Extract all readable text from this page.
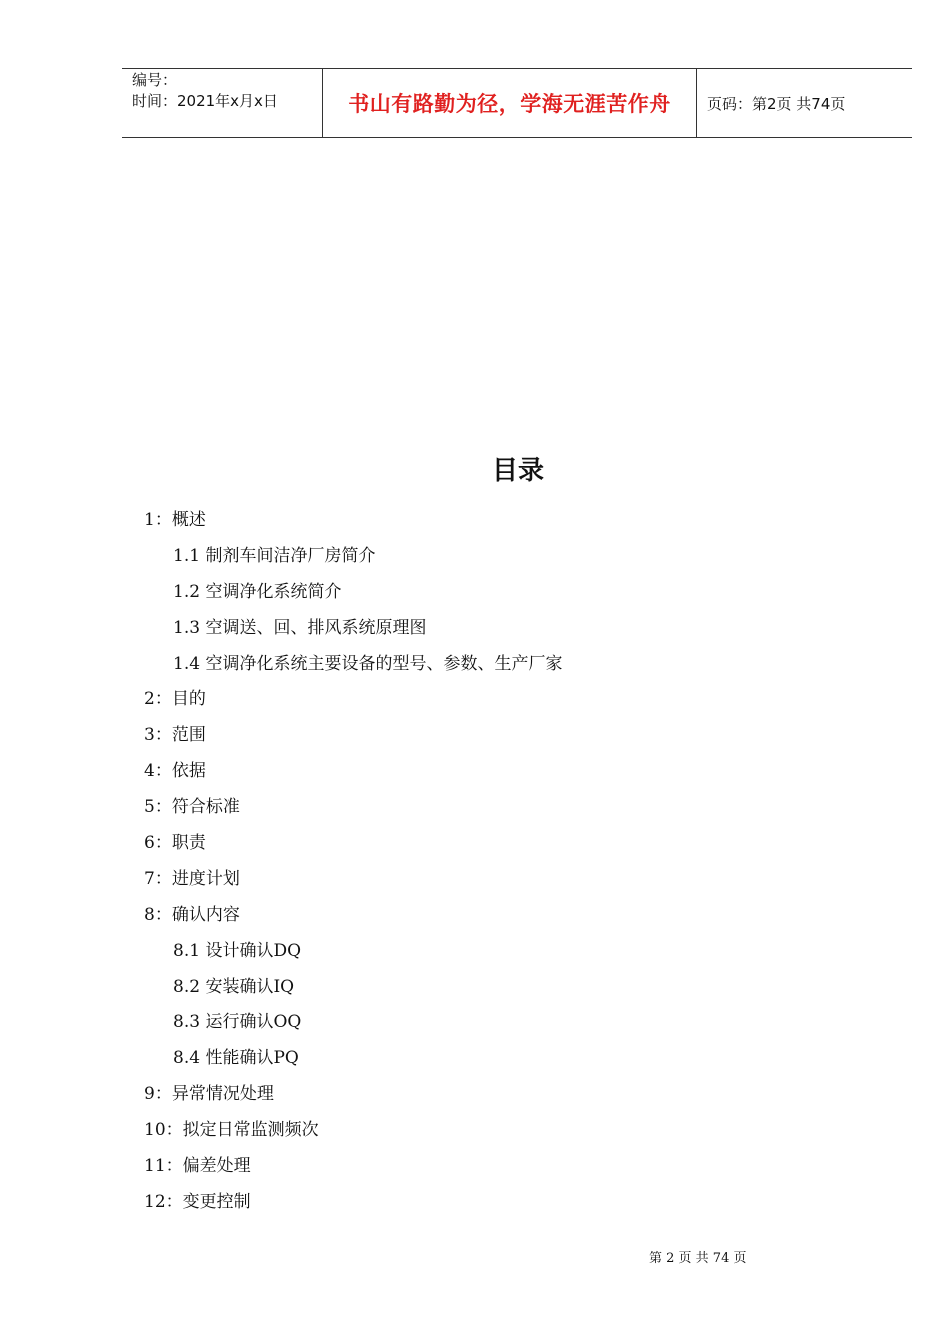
编号：
时间：2021年x月x日	书山有路勤为径，学海无涯苦作舟	页码：第2页 共74页
目录
1：概述
1.1 制剂车间洁净厂房简介
1.2 空调净化系统简介
1.3 空调送、回、排风系统原理图
1.4 空调净化系统主要设备的型号、参数、生产厂家
2：目的
3：范围
4：依据
5：符合标准
6：职责
7：进度计划
8：确认内容
8.1 设计确认DQ
8.2 安装确认IQ
8.3 运行确认OQ
8.4 性能确认PQ
9：异常情况处理
10：拟定日常监测频次
11：偏差处理
12：变更控制
第 2 页 共 74 页
